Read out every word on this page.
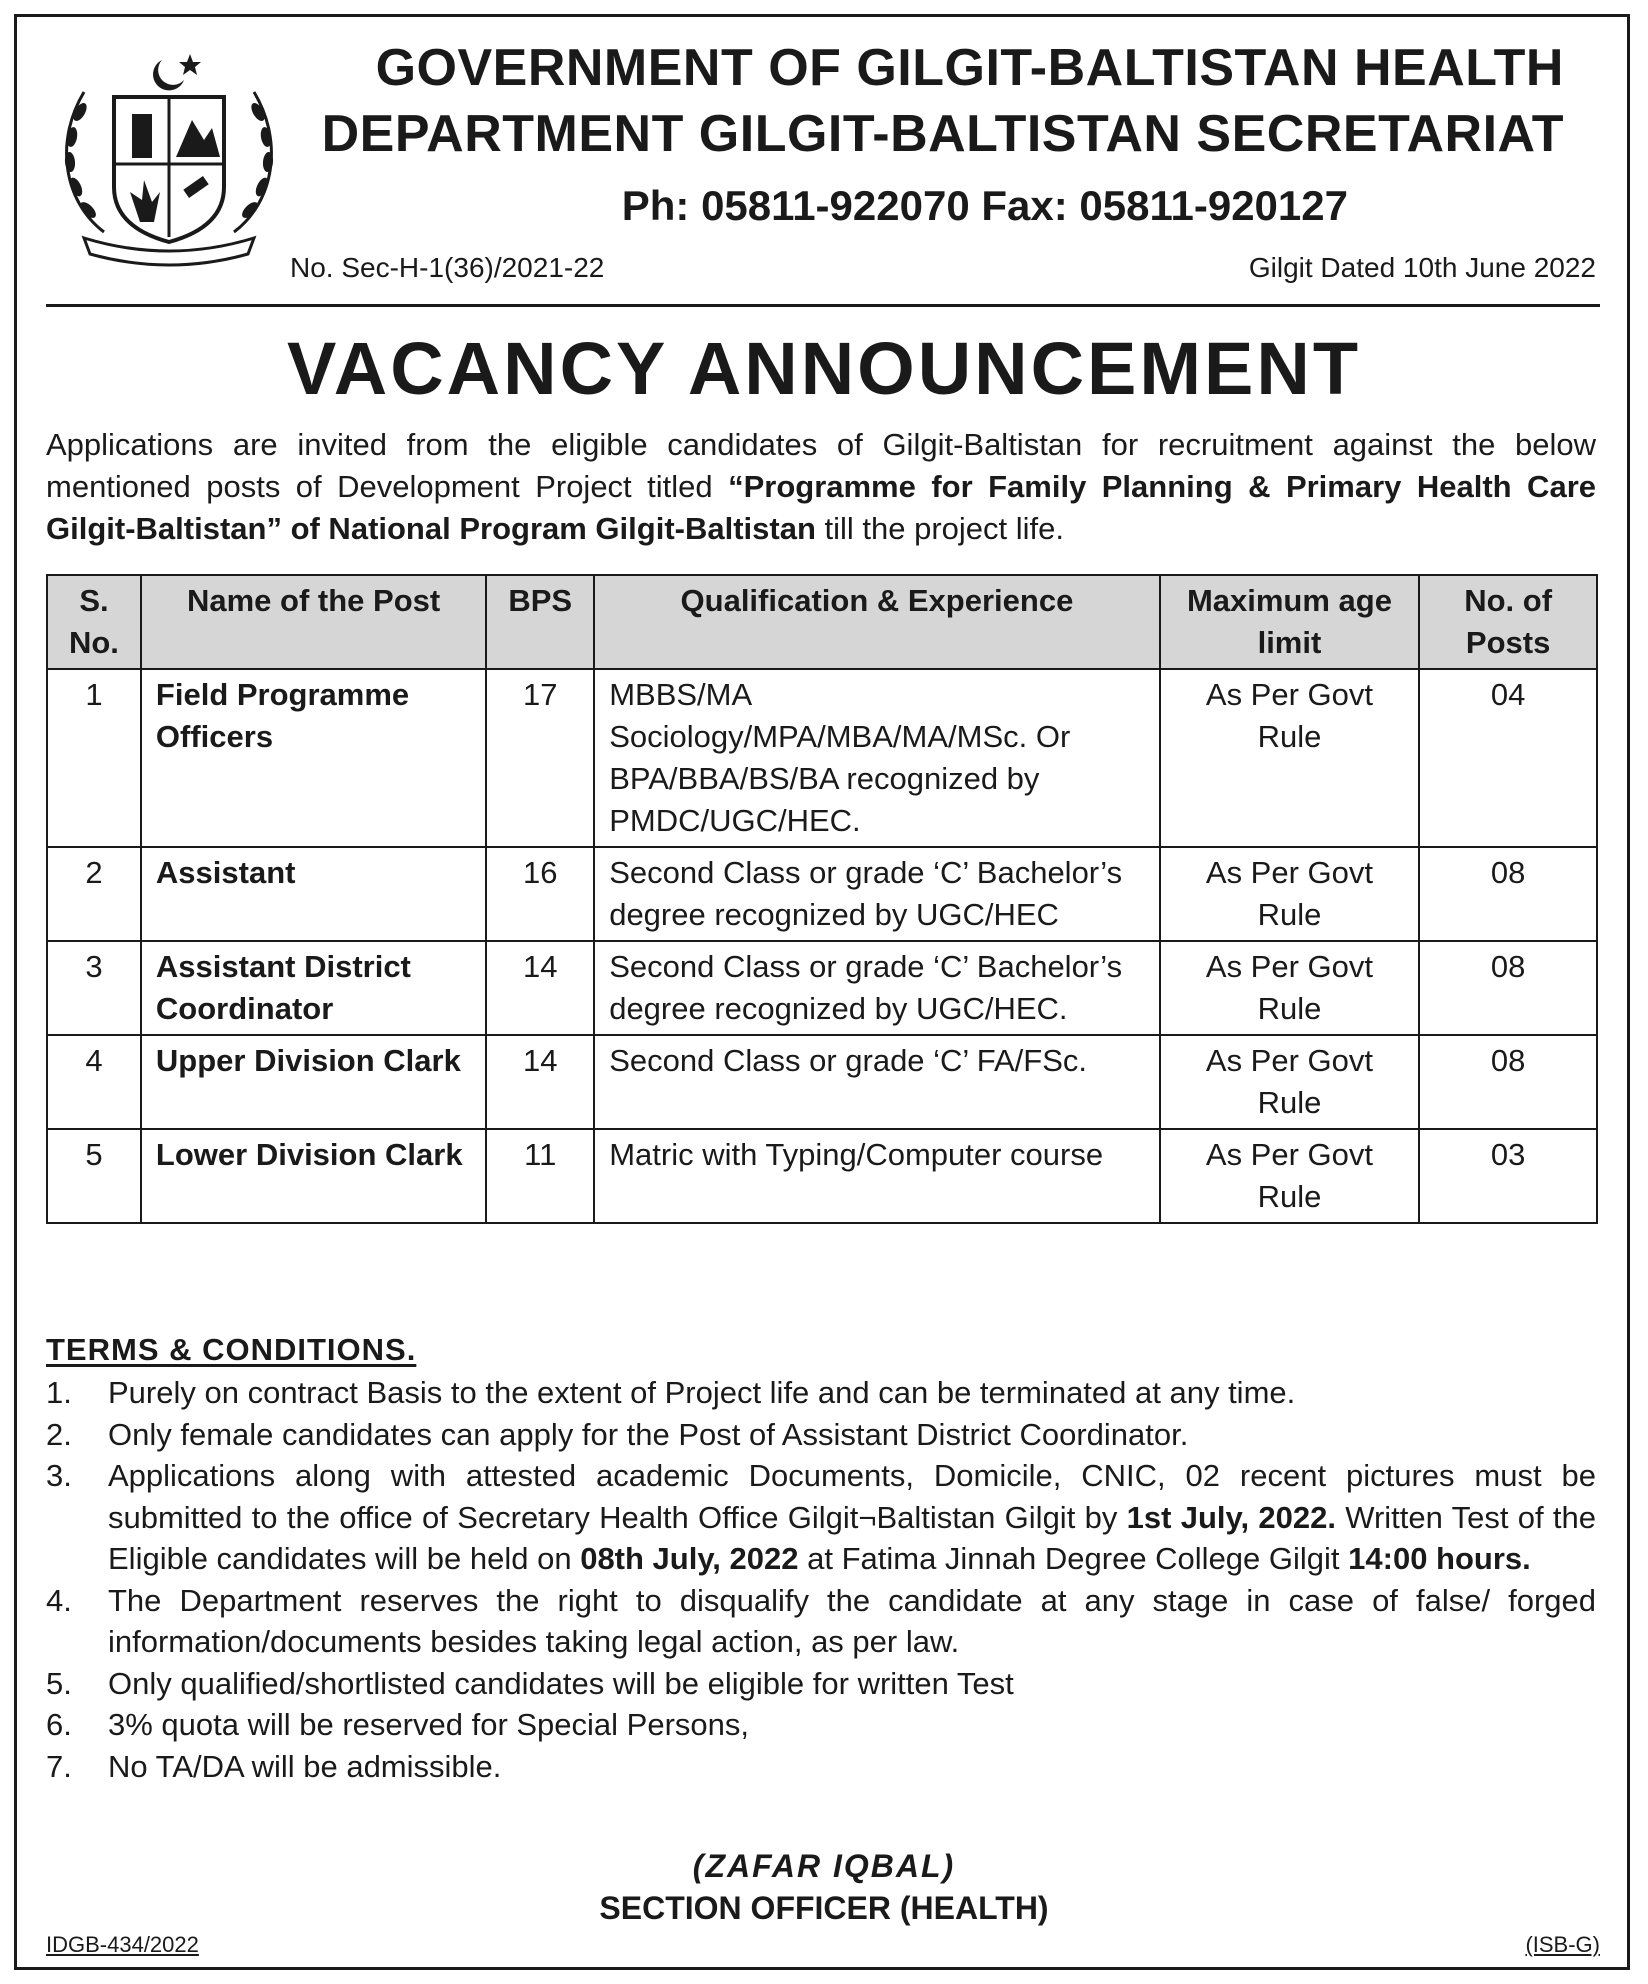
GOVERNMENT OF GILGIT-BALTISTAN HEALTH
DEPARTMENT GILGIT-BALTISTAN SECRETARIAT
Ph: 05811-922070 Fax: 05811-920127
No. Sec-H-1(36)/2021-22	Gilgit Dated 10th June 2022
VACANCY ANNOUNCEMENT
Applications are invited from the eligible candidates of Gilgit-Baltistan for recruitment against the below mentioned posts of Development Project titled “Programme for Family Planning & Primary Health Care Gilgit-Baltistan” of National Program Gilgit-Baltistan till the project life.
S. No.	Name of the Post	BPS	Qualification & Experience	Maximum age limit	No. of Posts
1	Field Programme Officers	17	MBBS/MA Sociology/MPA/MBA/MA/MSc. Or BPA/BBA/BS/BA recognized by PMDC/UGC/HEC.	As Per Govt Rule	04
2	Assistant	16	Second Class or grade ‘C’ Bachelor’s degree recognized by UGC/HEC	As Per Govt Rule	08
3	Assistant District Coordinator	14	Second Class or grade ‘C’ Bachelor’s degree recognized by UGC/HEC.	As Per Govt Rule	08
4	Upper Division Clark	14	Second Class or grade ‘C’ FA/FSc.	As Per Govt Rule	08
5	Lower Division Clark	11	Matric with Typing/Computer course	As Per Govt Rule	03
TERMS & CONDITIONS.
1. Purely on contract Basis to the extent of Project life and can be terminated at any time.
2. Only female candidates can apply for the Post of Assistant District Coordinator.
3. Applications along with attested academic Documents, Domicile, CNIC, 02 recent pictures must be submitted to the office of Secretary Health Office Gilgit¬Baltistan Gilgit by 1st July, 2022. Written Test of the Eligible candidates will be held on 08th July, 2022 at Fatima Jinnah Degree College Gilgit 14:00 hours.
4. The Department reserves the right to disqualify the candidate at any stage in case of false/ forged information/documents besides taking legal action, as per law.
5. Only qualified/shortlisted candidates will be eligible for written Test
6. 3% quota will be reserved for Special Persons,
7. No TA/DA will be admissible.
(ZAFAR IQBAL)
SECTION OFFICER (HEALTH)
IDGB-434/2022	(ISB-G)
